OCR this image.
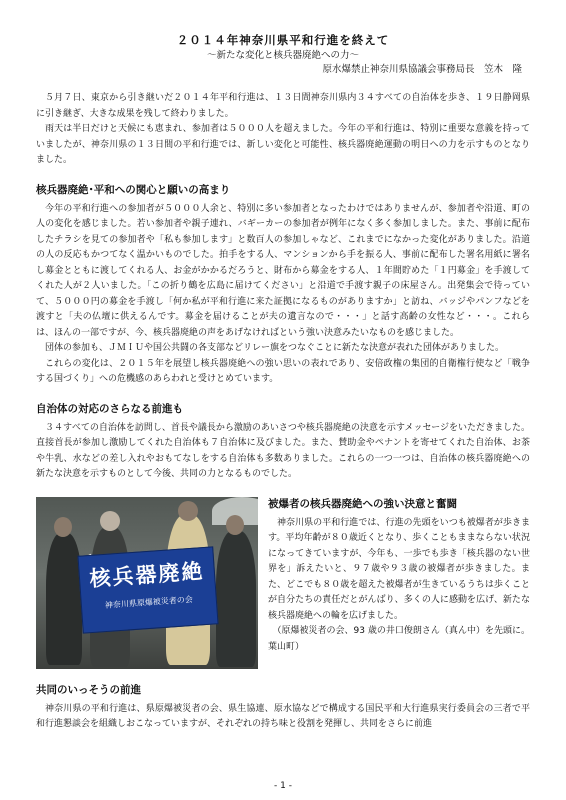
２０１４年神奈川県平和行進を終えて
～新たな変化と核兵器廃絶への力～
原水爆禁止神奈川県協議会事務局長　笠木　隆

５月７日、東京から引き継いだ２０１４年平和行進は、１３日間神奈川県内３４すべての自治体を歩き、１９日静岡県に引き継ぎ、大きな成果を残して終わりました。

雨天は半日だけと天候にも恵まれ、参加者は５０００人を超えました。今年の平和行進は、特別に重要な意義を持っていましたが、神奈川県の１３日間の平和行進では、新しい変化と可能性、核兵器廃絶運動の明日への力を示すものとなりました。

核兵器廃絶･平和への関心と願いの高まり

今年の平和行進への参加者が５０００人余と、特別に多い参加者となったわけではありませんが、参加者や沿道、町の人の変化を感じました。若い参加者や親子連れ、バギーカーの参加者が例年になく多く参加しました。また、事前に配布したチラシを見ての参加者や「私も参加します」と数百人の参加しゃなど、これまでになかった変化がありました。沿道の人の反応もかつてなく温かいものでした。拍手をする人、マンションから手を振る人、事前に配布した署名用紙に署名し募金とともに渡してくれる人、お金がかかるだろうと、財布から募金をする人、１年間貯めた「１円募金」を手渡してくれた人が２人いました。「この折り鶴を広島に届けてください」と沿道で手渡す親子の床屋さん。出発集会で待っていて、５０００円の募金を手渡し「何か私が平和行進に来た証拠になるものがありますか」と訪ね、バッジやパンフなどを渡すと「夫の仏壇に供えるんです。募金を届けることが夫の遺言なので・・・」と話す高齢の女性など・・・。これらは、ほんの一部ですが、今、核兵器廃絶の声をあげなければという強い決意みたいなものを感じました。

団体の参加も、ＪＭＩＵや国公共闘の各支部などリレー旗をつなぐことに新たな決意が表れた団体がありました。

これらの変化は、２０１５年を展望し核兵器廃絶への強い思いの表れであり、安倍政権の集団的自衛権行使など「戦争する国づくり」への危機感のあらわれと受けとめています。

自治体の対応のさらなる前進も

３４すべての自治体を訪問し、首長や議長から激励のあいさつや核兵器廃絶の決意を示すメッセージをいただきました。直接首長が参加し激励してくれた自治体も７自治体に及びました。また、賛助金やペナントを寄せてくれた自治体、お茶や牛乳、水などの差し入れやおもてなしをする自治体も多数ありました。これらの一つ一つは、自治体の核兵器廃絶への新たな決意を示すものとして今後、共同の力となるものでした。

核兵器廃絶
神奈川県原爆被災者の会
被爆者の核兵器廃絶への強い決意と奮闘

神奈川県の平和行進では、行進の先頭をいつも被爆者が歩きます。平均年齢が８０歳近くとなり、歩くこともままならない状況になってきていますが、今年も、一歩でも歩き「核兵器のない世界を」訴えたいと、９７歳や９３歳の被爆者が歩きました。また、どこでも８０歳を超えた被爆者が生きているうちは歩くことが自分たちの責任だとがんばり、多くの人に感動を広げ、新たな核兵器廃絶への輪を広げました。

（原爆被災者の会、93 歳の井口俊朗さん（真ん中）を先頭に。葉山町）

共同のいっそうの前進

神奈川県の平和行進は、県原爆被災者の会、県生協連、原水協などで構成する国民平和大行進県実行委員会の三者で平和行進懇談会を組織しおこなっていますが、それぞれの持ち味と役割を発揮し、共同をさらに前進

- 1 -
